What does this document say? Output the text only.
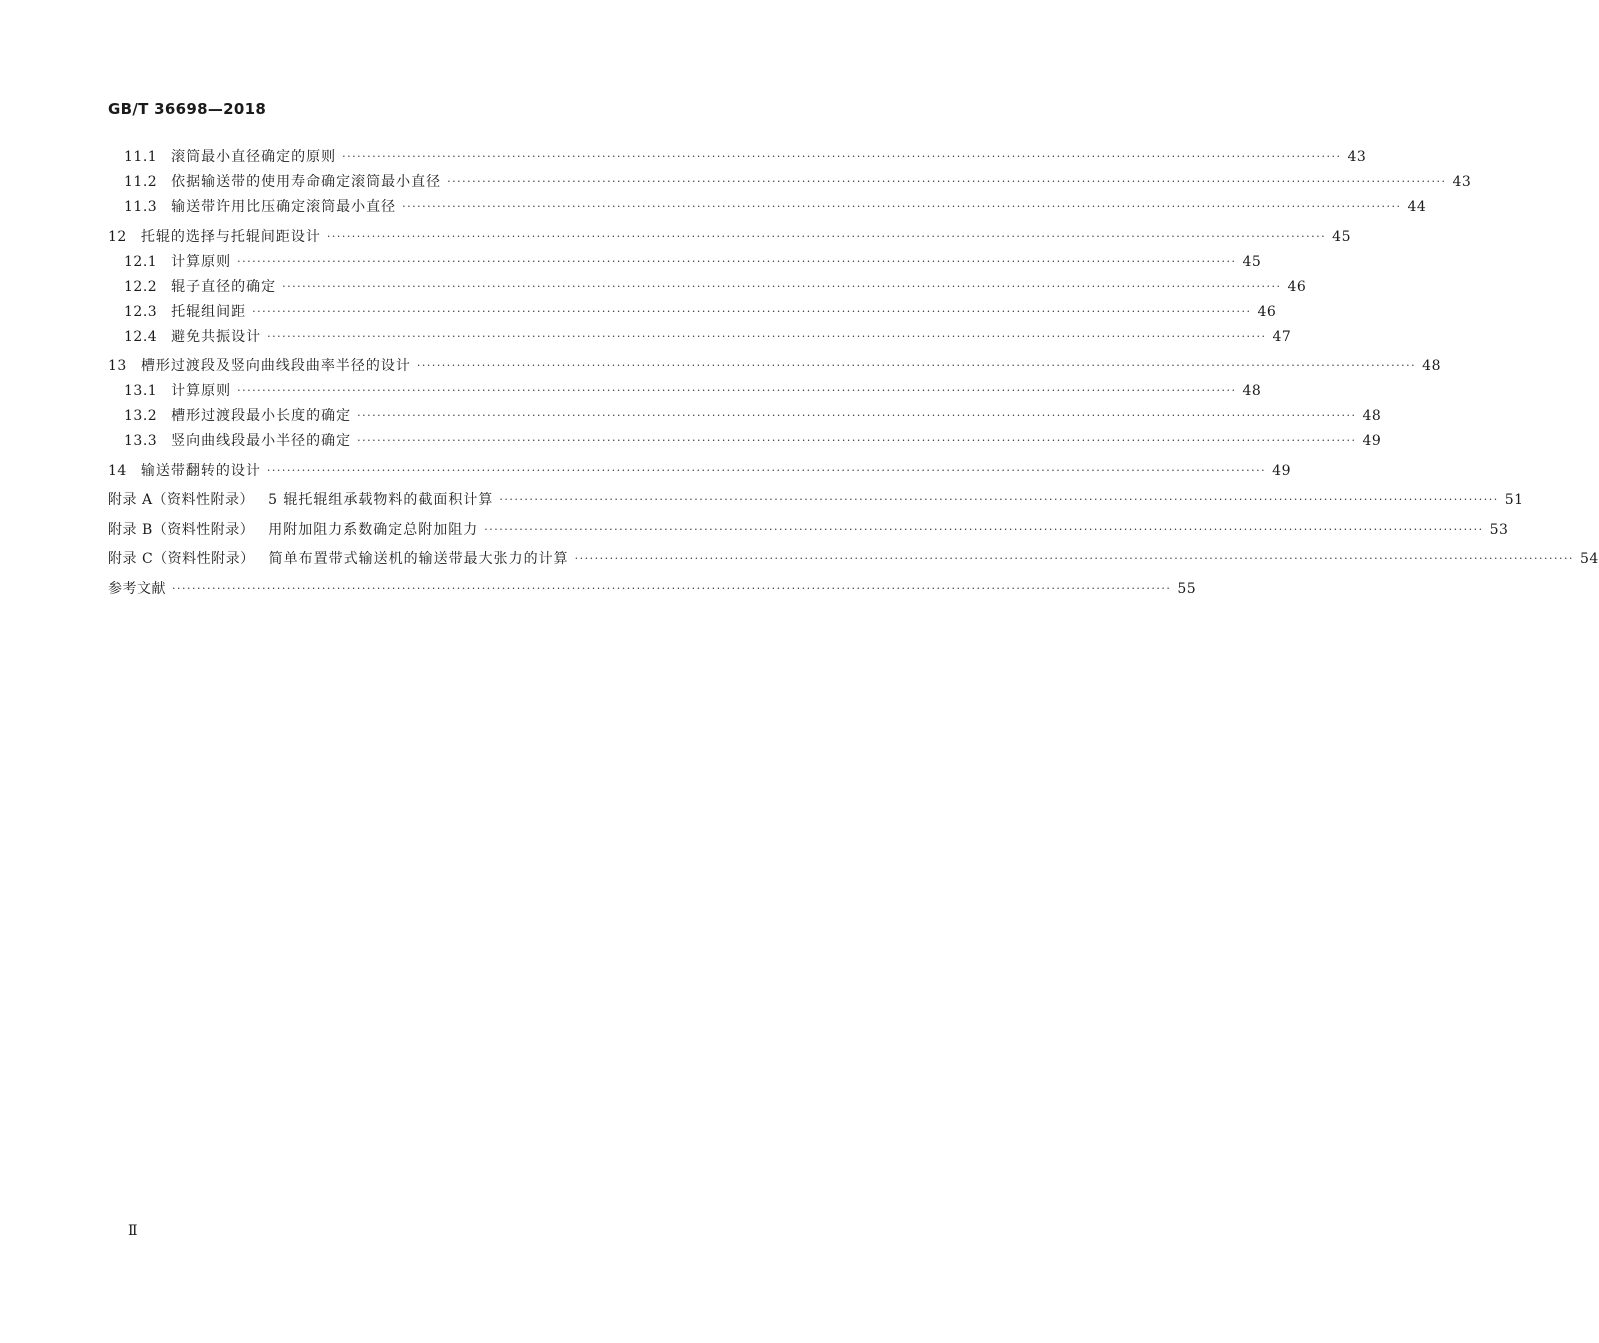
GB/T 36698—2018
11.1 滚筒最小直径确定的原则 ········································································································································································································ 43
11.2 依据输送带的使用寿命确定滚筒最小直径 ········································································································································································································ 43
11.3 输送带许用比压确定滚筒最小直径 ········································································································································································································ 44
12 托辊的选择与托辊间距设计 ········································································································································································································ 45
12.1 计算原则 ········································································································································································································ 45
12.2 辊子直径的确定 ········································································································································································································ 46
12.3 托辊组间距 ········································································································································································································ 46
12.4 避免共振设计 ········································································································································································································ 47
13 槽形过渡段及竖向曲线段曲率半径的设计 ········································································································································································································ 48
13.1 计算原则 ········································································································································································································ 48
13.2 槽形过渡段最小长度的确定 ········································································································································································································ 48
13.3 竖向曲线段最小半径的确定 ········································································································································································································ 49
14 输送带翻转的设计 ········································································································································································································ 49
附录 A（资料性附录） 5 辊托辊组承载物料的截面积计算 ········································································································································································································ 51
附录 B（资料性附录） 用附加阻力系数确定总附加阻力 ········································································································································································································ 53
附录 C（资料性附录） 简单布置带式输送机的输送带最大张力的计算 ········································································································································································································ 54
参考文献 ········································································································································································································ 55
Ⅱ
